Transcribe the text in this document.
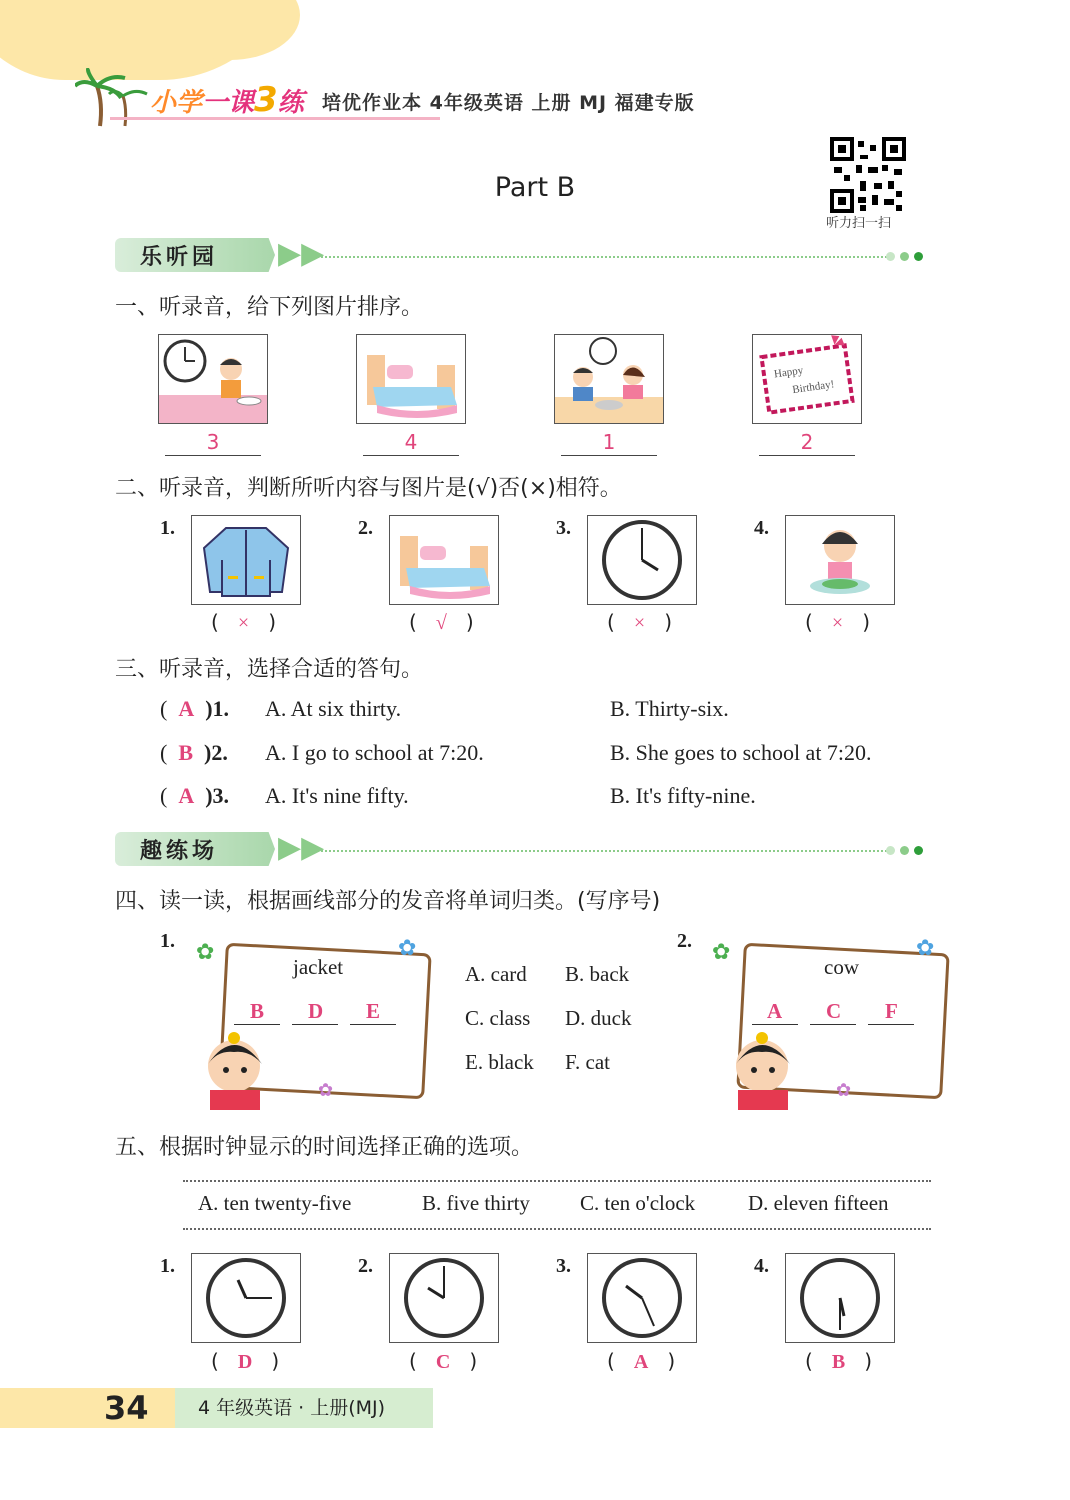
小学一课3练 培优作业本 4年级英语 上册 MJ 福建专版
Part B
听力扫一扫
乐听园 ▶▶
一、听录音，给下列图片排序。
Happy
Birthday!
3	4	1	2
二、听录音，判断所听内容与图片是(√)否(×)相符。
1.	2.	3.	4.
(   ×   )	(   √   )	(   ×   )	(   ×   )
三、听录音，选择合适的答句。
(  A )1. A. At six thirty.	B. Thirty-six.
(  B )2. A. I go to school at 7:20.	B. She goes to school at 7:20.
(  A )3. A. It's nine fifty.	B. It's fifty-nine.
趣练场 ▶▶
四、读一读，根据画线部分的发音将单词归类。(写序号)
1.
jacket
B D E
A. card B. back
C. class D. duck
E. black F. cat
2.
cow
A C F
✿	✿
✿
✿	✿
✿
五、根据时钟显示的时间选择正确的选项。
A. ten twenty-five	B. five thirty C. ten o'clock	D. eleven fifteen
1.	2.	3.	4.
(   D   )	(   C   )	(   A   )	(   B   )
34	4 年级英语 · 上册(MJ)
